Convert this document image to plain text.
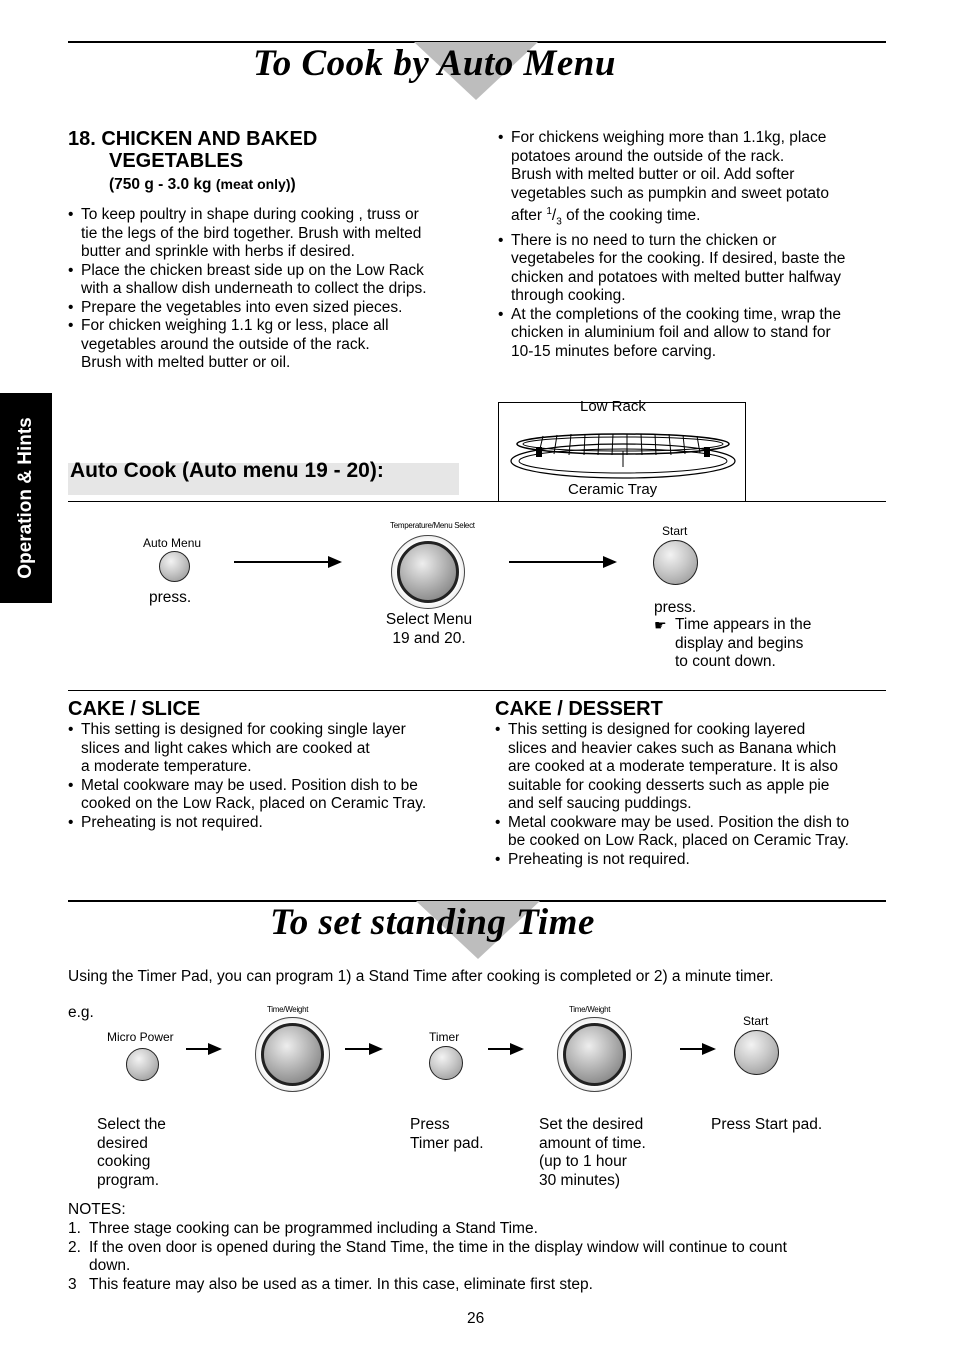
To Cook by Auto Menu
Operation & Hints
18. CHICKEN AND BAKED
VEGETABLES
(750 g - 3.0 kg (meat only))
• To keep poultry in shape during cooking , truss or
tie the legs of the bird together. Brush with melted
butter and sprinkle with herbs if desired.
• Place the chicken breast side up on the Low Rack
with a shallow dish underneath to collect the drips.
• Prepare the vegetables into even sized pieces.
• For chicken weighing 1.1 kg or less, place all
vegetables around the outside of the rack.
Brush with melted butter or oil.
• For chickens weighing more than 1.1kg, place
potatoes around the outside of the rack.
Brush with melted butter or oil. Add softer
vegetables such as pumpkin and sweet potato
after $^1/_3$ of the cooking time.
• There is no need to turn the chicken or
vegetabeles for the cooking. If desired, baste the
chicken and potatoes with melted butter halfway
through cooking.
• At the completions of the cooking time, wrap the
chicken in aluminium foil and allow to stand for
10-15 minutes before carving.
Low Rack
Ceramic Tray
Auto Cook (Auto menu 19 - 20):
Auto Menu
press.
Temperature/Menu Select
Select Menu
19 and 20.
Start
press.
☛ Time appears in the
display and begins
to count down.
CAKE / SLICE
• This setting is designed for cooking single layer
slices and light cakes which are cooked at
a moderate temperature.
• Metal cookware may be used. Position dish to be
cooked on the Low Rack, placed on Ceramic Tray.
• Preheating is not required.
CAKE / DESSERT
• This setting is designed for cooking layered
slices and heavier cakes such as Banana which
are cooked at a moderate temperature. It is also
suitable for cooking desserts such as apple pie
and self saucing puddings.
• Metal cookware may be used. Position the dish to
be cooked on Low Rack, placed on Ceramic Tray.
• Preheating is not required.
To set standing Time
Using the Timer Pad, you can program 1) a Stand Time after cooking is completed or 2) a minute timer.
e.g.
Micro Power
Time/Weight
Timer
Time/Weight
Start
Select the
desired
cooking
program.
Press
Timer pad.
Set the desired
amount of time.
(up to 1 hour
30 minutes)
Press Start pad.
NOTES:
1. Three stage cooking can be programmed including a Stand Time.
2. If the oven door is opened during the Stand Time, the time in the display window will continue to count
down.
3 This feature may also be used as a timer. In this case, eliminate first step.
26
